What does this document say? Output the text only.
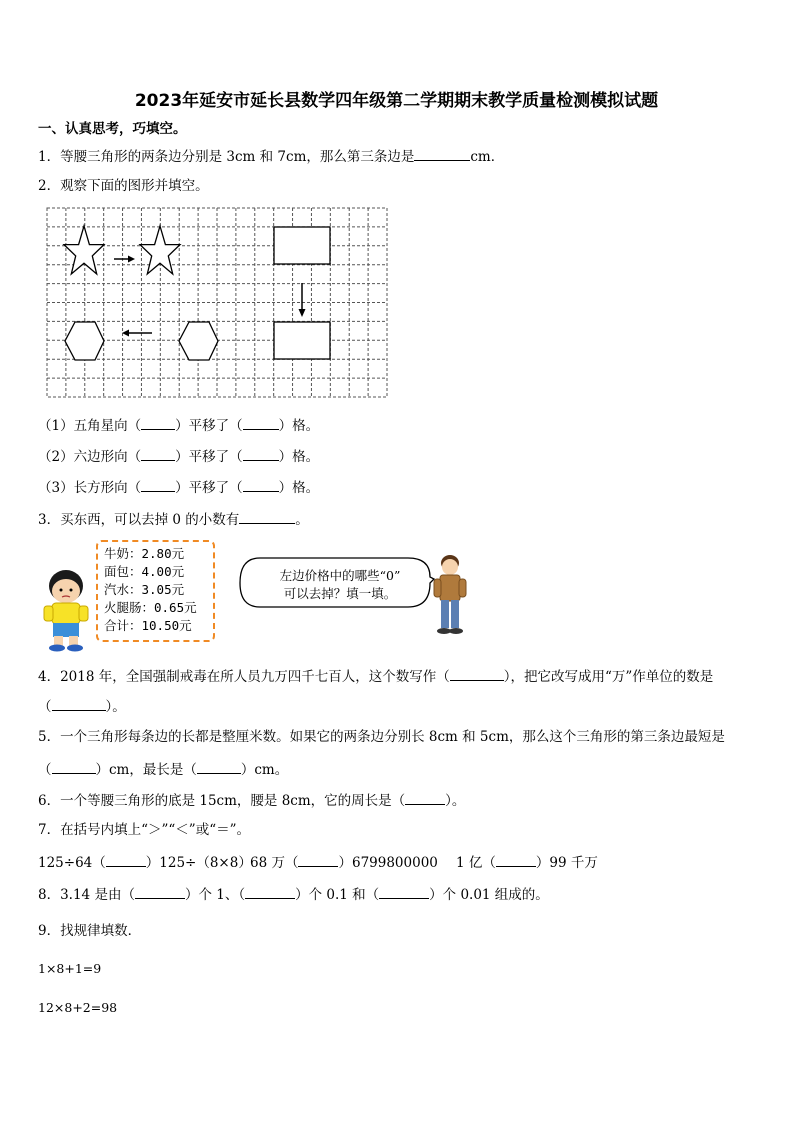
2023年延安市延长县数学四年级第二学期期末教学质量检测模拟试题
一、认真思考，巧填空。
1．等腰三角形的两条边分别是 3cm 和 7cm，那么第三条边是	cm．
2．观察下面的图形并填空。
（1）五角星向（	）平移了（	）格。
（2）六边形向（	）平移了（	）格。
（3）长方形向（	）平移了（	）格。
3．买东西，可以去掉 0 的小数有	。
牛奶：2.80元
面包：4.00元
汽水：3.05元
火腿肠：0.65元
合计：10.50元
左边价格中的哪些“0”
可以去掉？填一填。
4．2018 年，全国强制戒毒在所人员九万四千七百人，这个数写作（	），把它改写成用“万”作单位的数是
（	）。
5．一个三角形每条边的长都是整厘米数。如果它的两条边分别长 8cm 和 5cm，那么这个三角形的第三条边最短是
（	）cm，最长是（	）cm。
6．一个等腰三角形的底是 15cm，腰是 8cm，它的周长是（	）。
7．在括号内填上“＞”“＜”或“＝”。
125÷64（	）125÷（8×8）
68 万（	）6799800000 1 亿（	）99 千万
8．3.14 是由（	）个 1、（	）个 0.1 和（	）个 0.01 组成的。
9．找规律填数．
1×8+1=9
12×8+2=98
